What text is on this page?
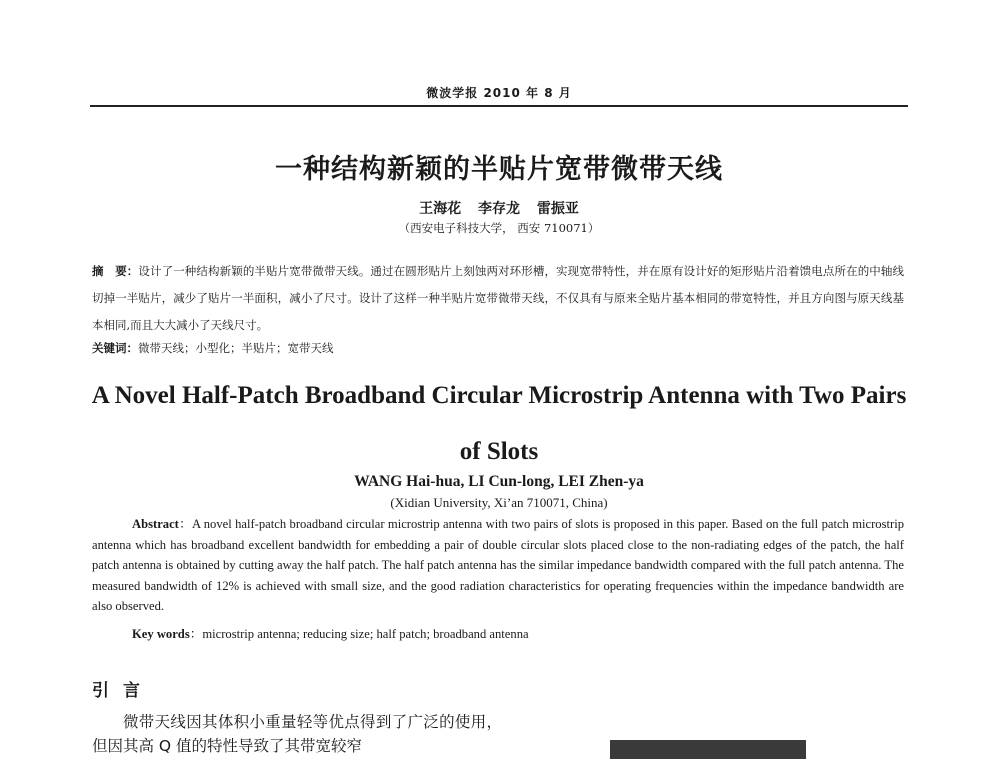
微波学报 2010 年 8 月
一种结构新颖的半贴片宽带微带天线
王海花 李存龙 雷振亚
（西安电子科技大学， 西安 710071）
摘　要：设计了一种结构新颖的半贴片宽带微带天线。通过在圆形贴片上刻蚀两对环形槽，实现宽带特性，并在原有设计好的矩形贴片沿着馈电点所在的中轴线切掉一半贴片，减少了贴片一半面积，减小了尺寸。设计了这样一种半贴片宽带微带天线，不仅具有与原来全贴片基本相同的带宽特性，并且方向图与原天线基本相同,而且大大减小了天线尺寸。
关键词：微带天线；小型化；半贴片；宽带天线
A Novel Half-Patch Broadband Circular Microstrip Antenna with Two Pairs of Slots
WANG Hai-hua, LI Cun-long, LEI Zhen-ya
(Xidian University, Xi’an 710071, China)
Abstract：A novel half-patch broadband circular microstrip antenna with two pairs of slots is proposed in this paper. Based on the full patch microstrip antenna which has broadband excellent bandwidth for embedding a pair of double circular slots placed close to the non-radiating edges of the patch, the half patch antenna is obtained by cutting away the half patch. The half patch antenna has the similar impedance bandwidth compared with the full patch antenna. The measured bandwidth of 12% is achieved with small size, and the good radiation characteristics for operating frequencies within the impedance bandwidth are also observed.
Key words：microstrip antenna; reducing size; half patch; broadband antenna
引言
微带天线因其体积小重量轻等优点得到了广泛的使用，但因其高 Q 值的特性导致了其带宽较窄
